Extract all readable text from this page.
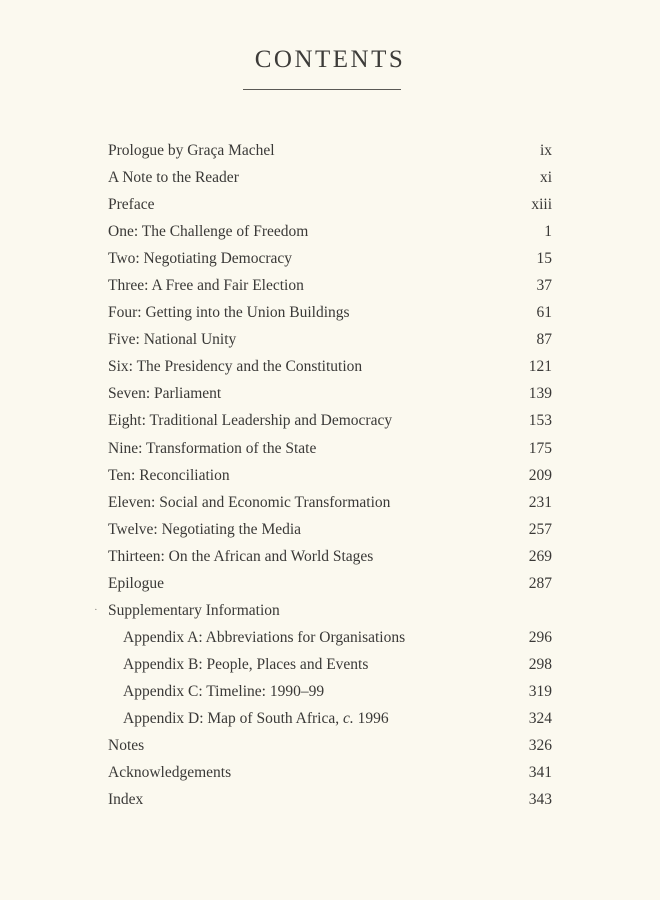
CONTENTS
Prologue by Graça Machel	ix
A Note to the Reader	xi
Preface	xiii
One: The Challenge of Freedom	1
Two: Negotiating Democracy	15
Three: A Free and Fair Election	37
Four: Getting into the Union Buildings	61
Five: National Unity	87
Six: The Presidency and the Constitution	121
Seven: Parliament	139
Eight: Traditional Leadership and Democracy	153
Nine: Transformation of the State	175
Ten: Reconciliation	209
Eleven: Social and Economic Transformation	231
Twelve: Negotiating the Media	257
Thirteen: On the African and World Stages	269
Epilogue	287
· Supplementary Information
Appendix A: Abbreviations for Organisations	296
Appendix B: People, Places and Events	298
Appendix C: Timeline: 1990–99	319
Appendix D: Map of South Africa, c. 1996	324
Notes	326
Acknowledgements	341
Index	343
